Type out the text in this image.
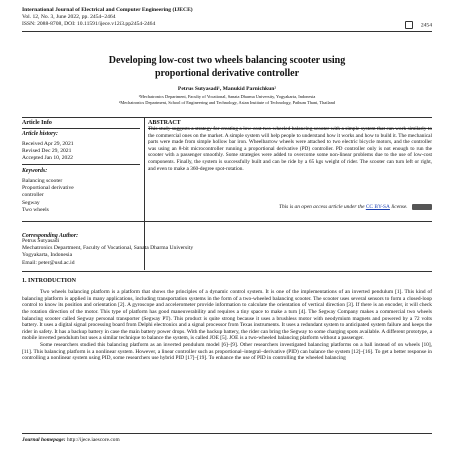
International Journal of Electrical and Computer Engineering (IJECE)
Vol. 12, No. 3, June 2022, pp. 2454~2464
ISSN: 2088-8708, DOI: 10.11591/ijece.v12i3.pp2454-2464	2454
Developing low-cost two wheels balancing scooter using
proportional derivative controller
Petrus Sutyasadi¹, Manukid Parnichkun²
¹Mechatronics Department, Faculty of Vocational, Sanata Dharma University, Yogyakarta, Indonesia
²Mechatronics Department, School of Engineering and Technology, Asian Institute of Technology, Pathum Thani, Thailand
Article Info	ABSTRACT
Article history:
Received Apr 29, 2021
Revised Dec 29, 2021
Accepted Jan 10, 2022
Keywords:
Balancing scooter
Proportional derivative
controller
Segway
Two wheels
This study suggests a strategy for creating a low-cost two-wheeled balancing scooter with a simple system that can work similarly to the commercial ones on the market. A simple system will help people to understand how it works and how to build it. The mechanical parts were made from simple hollow bar iron. Wheelbarrow wheels were attached to two electric bicycle motors, and the controller was using an 8-bit microcontroller running a proportional derivative (PD) controller. PD controller only is not enough to run the scooter with a passenger smoothly. Some strategies were added to overcome some non-linear problems due to the use of low-cost components. Finally, the system is successfully built and can be ride by a 65 kgs weight of rider. The scooter can turn left or right, and even to make a 360-degree spot-rotation.
This is an open access article under the CC BY-SA license.
Corresponding Author:
Petrus Sutyasadi
Mechatronics Department, Faculty of Vocational, Sanata Dharma University
Yogyakarta, Indonesia
Email: peter@usd.ac.id
1. INTRODUCTION

Two wheels balancing platform is a platform that shows the principles of a dynamic control system. It is one of the implementations of an inverted pendulum [1]. This kind of balancing platform is applied in many applications, including transportation systems in the form of a two-wheeled balancing scooter. The scooter uses several sensors to form a closed-loop control to know its position and orientation [2]. A gyroscope and accelerometer provide information to calculate the orientation of vertical direction [3]. If there is an encoder, it will check the rotation direction of the motor. This type of platform has good maneuverability and requires a tiny space to make a turn [4]. The Segway Company makes a commercial two wheels balancing scooter called Segway personal transporter (Segway PT). This product is quite strong because it uses a brushless motor with neodymium magnets and powered by a 72 volts battery. It uses a digital signal processing board from Delphi electronics and a signal processor from Texas instruments. It uses a redundant system to anticipated system failure and keeps the rider in safety. It has a backup battery in case the main battery power drops. With the backup battery, the rider can bring the Segway to some charging spots available. A different prototype, a mobile inverted pendulum but uses a similar technique to balance the system, is called JOE [5]. JOE is a two-wheeled balancing platform without a passenger.

Some researchers studied this balancing platform as an inverted pendulum model [6]–[9]. Other researchers investigated balancing platforms on a ball instead of on wheels [10], [11]. This balancing platform is a nonlinear system. However, a linear controller such as proportional–integral–derivative (PID) can balance the system [12]–[16]. To get a better response in controlling a nonlinear system using PID, some researchers use hybrid PID [17]–[19]. To enhance the use of PID in controlling the wheeled balancing

Journal homepage: http://ijece.iaescore.com
